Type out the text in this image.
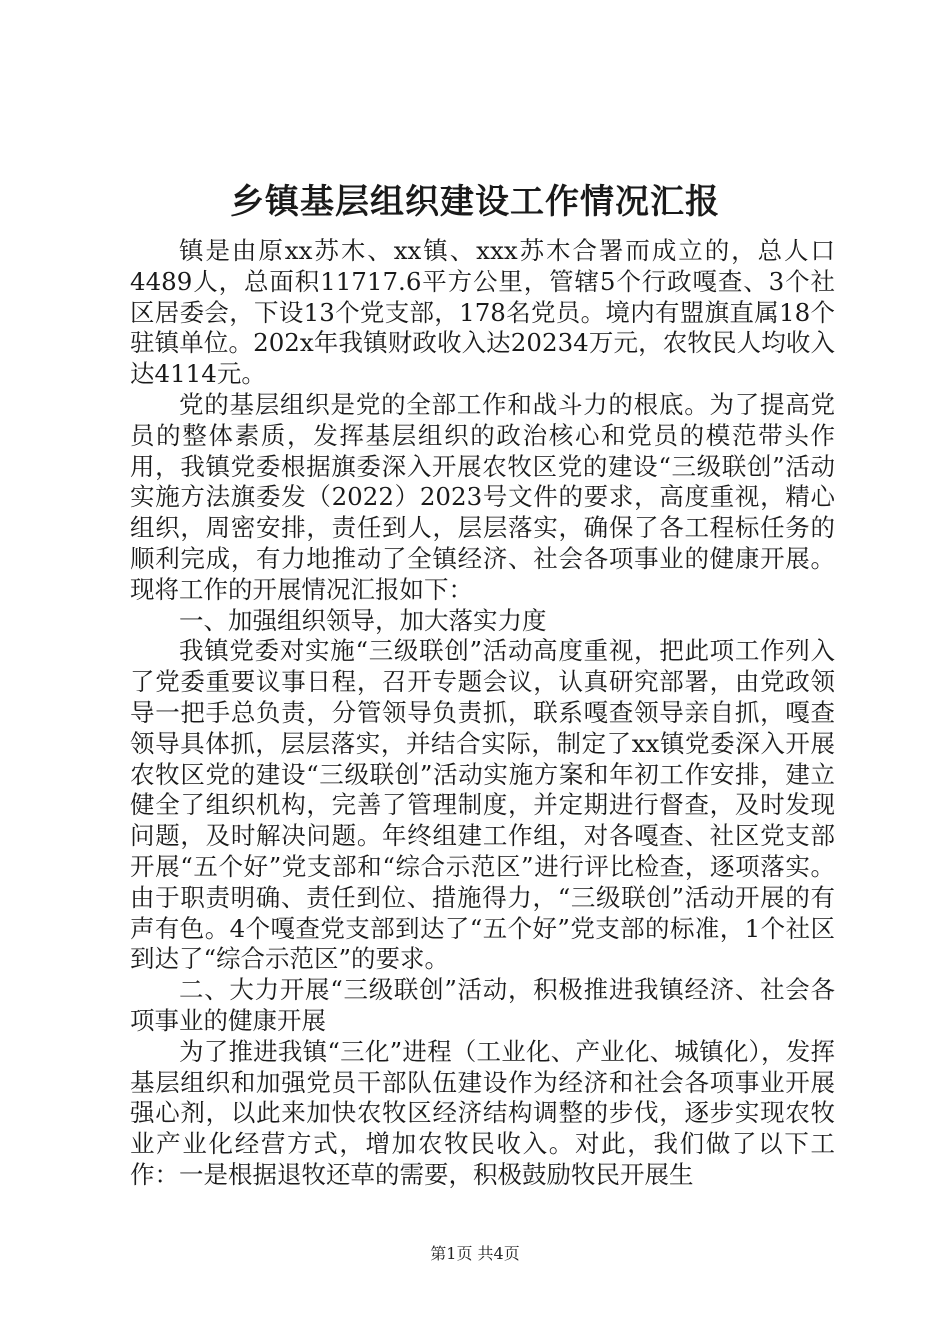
乡镇基层组织建设工作情况汇报

镇是由原xx苏木、xx镇、xxx苏木合署而成立的，总人口4489人，总面积11717.6平方公里，管辖5个行政嘎查、3个社区居委会，下设13个党支部，178名党员。境内有盟旗直属18个驻镇单位。202x年我镇财政收入达20234万元，农牧民人均收入达4114元。

党的基层组织是党的全部工作和战斗力的根底。为了提高党员的整体素质，发挥基层组织的政治核心和党员的模范带头作用，我镇党委根据旗委深入开展农牧区党的建设“三级联创”活动实施方法旗委发（2022）2023号文件的要求，高度重视，精心组织，周密安排，责任到人，层层落实，确保了各工程标任务的顺利完成，有力地推动了全镇经济、社会各项事业的健康开展。现将工作的开展情况汇报如下：

一、加强组织领导，加大落实力度

我镇党委对实施“三级联创”活动高度重视，把此项工作列入了党委重要议事日程，召开专题会议，认真研究部署，由党政领导一把手总负责，分管领导负责抓，联系嘎查领导亲自抓，嘎查领导具体抓，层层落实，并结合实际，制定了xx镇党委深入开展农牧区党的建设“三级联创”活动实施方案和年初工作安排，建立健全了组织机构，完善了管理制度，并定期进行督查，及时发现问题，及时解决问题。年终组建工作组，对各嘎查、社区党支部开展“五个好”党支部和“综合示范区”进行评比检查，逐项落实。由于职责明确、责任到位、措施得力，“三级联创”活动开展的有声有色。4个嘎查党支部到达了“五个好”党支部的标准，1个社区到达了“综合示范区”的要求。

二、大力开展“三级联创”活动，积极推进我镇经济、社会各项事业的健康开展

为了推进我镇“三化”进程（工业化、产业化、城镇化），发挥基层组织和加强党员干部队伍建设作为经济和社会各项事业开展强心剂，以此来加快农牧区经济结构调整的步伐，逐步实现农牧业产业化经营方式，增加农牧民收入。对此，我们做了以下工作：一是根据退牧还草的需要，积极鼓励牧民开展生

第1页 共4页
